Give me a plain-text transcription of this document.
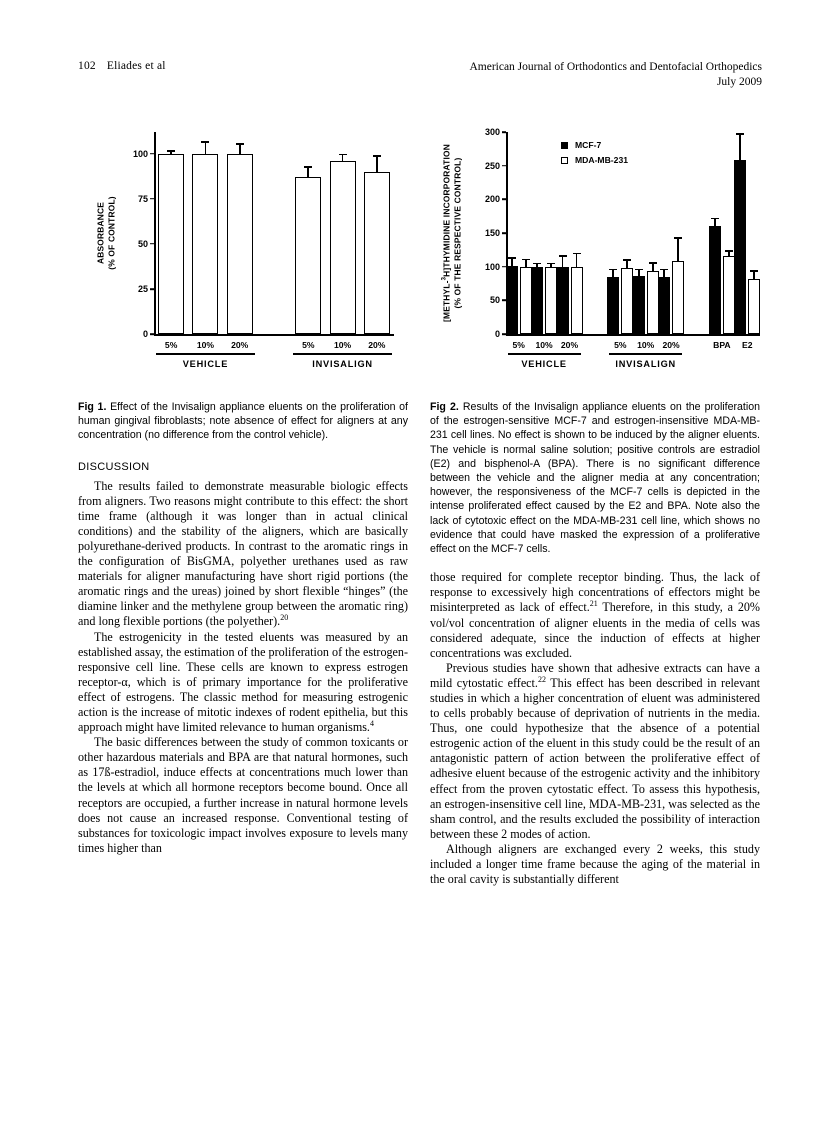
102 Eliades et al	American Journal of Orthodontics and Dentofacial Orthopedics
July 2009
0
25
50
75
100
ABSORBANCE (% OF CONTROL)
5% 10% 20%	5% 10% 20%
VEHICLE	INVISALIGN
Fig 1. Effect of the Invisalign appliance eluents on the proliferation of human gingival fibroblasts; note absence of effect for aligners at any concentration (no difference from the control vehicle).
DISCUSSION

The results failed to demonstrate measurable biologic effects from aligners. Two reasons might contribute to this effect: the short time frame (although it was longer than in actual clinical conditions) and the stability of the aligners, which are basically polyurethane-derived products. In contrast to the aromatic rings in the configuration of BisGMA, polyether urethanes used as raw materials for aligner manufacturing have short rigid portions (the aromatic rings and the ureas) joined by short flexible “hinges” (the diamine linker and the methylene group between the aromatic ring) and long flexible portions (the polyether).$^{20}$

The estrogenicity in the tested eluents was measured by an established assay, the estimation of the proliferation of the estrogen-responsive cell line. These cells are known to express estrogen receptor-α, which is of primary importance for the proliferative effect of estrogens. The classic method for measuring estrogenic action is the increase of mitotic indexes of rodent epithelia, but this approach might have limited relevance to human organisms.$^4$

The basic differences between the study of common toxicants or other hazardous materials and BPA are that natural hormones, such as 17ß-estradiol, induce effects at concentrations much lower than the levels at which all hormone receptors become bound. Once all receptors are occupied, a further increase in natural hormone levels does not cause an increased response. Conventional testing of substances for toxicologic impact involves exposure to levels many times higher than

0
50
100
150
200
250
300
[METHYL-$^3$H]THYMIDINE INCORPORATION (% OF THE RESPECTIVE CONTROL)
5% 10% 20%	5% 10% 20%	BPA E2
VEHICLE	INVISALIGN
MCF-7
MDA-MB-231
Fig 2. Results of the Invisalign appliance eluents on the proliferation of the estrogen-sensitive MCF-7 and estrogen-insensitive MDA-MB-231 cell lines. No effect is shown to be induced by the aligner eluents. The vehicle is normal saline solution; positive controls are estradiol (E2) and bisphenol-A (BPA). There is no significant difference between the vehicle and the aligner media at any concentration; however, the responsiveness of the MCF-7 cells is depicted in the intense proliferated effect caused by the E2 and BPA. Note also the lack of cytotoxic effect on the MDA-MB-231 cell line, which shows no evidence that could have masked the expression of a proliferative effect on the MCF-7 cells.

those required for complete receptor binding. Thus, the lack of response to excessively high concentrations of effectors might be misinterpreted as lack of effect.$^{21}$ Therefore, in this study, a 20% vol/vol concentration of aligner eluents in the media of cells was considered adequate, since the induction of effects at higher concentrations was excluded.

Previous studies have shown that adhesive extracts can have a mild cytostatic effect.$^{22}$ This effect has been described in relevant studies in which a higher concentration of eluent was administered to cells probably because of deprivation of nutrients in the media. Thus, one could hypothesize that the absence of a potential estrogenic action of the eluent in this study could be the result of an antagonistic pattern of action between the proliferative effect of adhesive eluent because of the estrogenic activity and the inhibitory effect from the proven cytostatic effect. To assess this hypothesis, an estrogen-insensitive cell line, MDA-MB-231, was selected as the sham control, and the results excluded the possibility of interaction between these 2 modes of action.

Although aligners are exchanged every 2 weeks, this study included a longer time frame because the aging of the material in the oral cavity is substantially different
